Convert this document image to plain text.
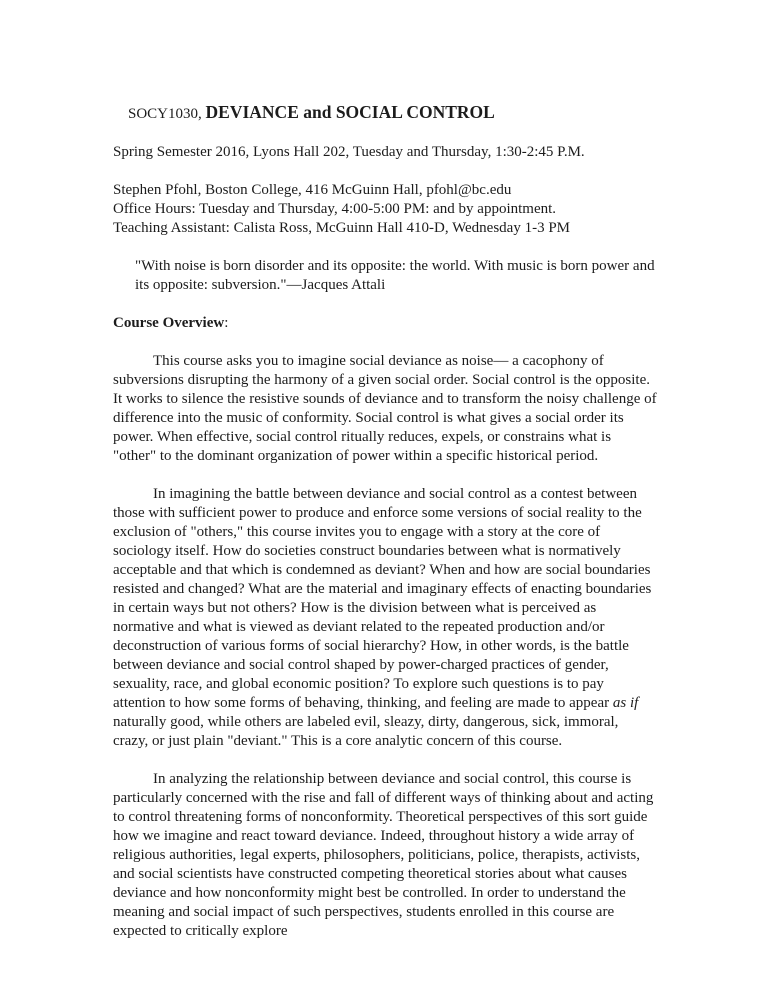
SOCY1030, DEVIANCE and SOCIAL CONTROL

Spring Semester 2016, Lyons Hall 202, Tuesday and Thursday, 1:30-2:45 P.M.
Stephen Pfohl, Boston College, 416 McGuinn Hall, pfohl@bc.edu
Office Hours: Tuesday and Thursday, 4:00-5:00 PM: and by appointment.
Teaching Assistant: Calista Ross, McGuinn Hall 410-D, Wednesday 1-3 PM
"With noise is born disorder and its opposite: the world. With music is born power and its opposite: subversion."—Jacques Attali
Course Overview:
This course asks you to imagine social deviance as noise— a cacophony of subversions disrupting the harmony of a given social order. Social control is the opposite.  It works to silence the resistive sounds of deviance and to transform the noisy challenge of difference into the music of conformity. Social control is what gives a social order its power. When effective, social control ritually reduces, expels, or constrains what is "other" to the dominant organization of power within a specific historical period.
In imagining the battle between deviance and social control as a contest between those with sufficient power to produce and enforce some versions of social reality to the exclusion of "others," this course invites you to engage with a story at the core of sociology itself. How do societies construct boundaries between what is normatively acceptable and that which is condemned as deviant? When and how are social boundaries resisted and changed? What are the material and imaginary effects of enacting boundaries in certain ways but not others? How is the division between what is perceived as normative and what is viewed as deviant related to the repeated production and/or deconstruction of various forms of social hierarchy? How, in other words, is the battle between deviance and social control shaped by power-charged practices of gender, sexuality, race, and global economic position? To explore such questions is to pay attention to how some forms of behaving, thinking, and feeling are made to appear as if naturally good, while others are labeled evil, sleazy, dirty, dangerous, sick, immoral, crazy, or just plain "deviant." This is a core analytic concern of this course.
In analyzing the relationship between deviance and social control, this course is particularly concerned with the rise and fall of different ways of thinking about and acting to control threatening forms of nonconformity. Theoretical perspectives of this sort guide how we imagine and react toward deviance. Indeed, throughout history a wide array of religious authorities, legal experts, philosophers, politicians, police, therapists, activists, and social scientists have constructed competing theoretical stories about what causes deviance and how nonconformity might best be controlled. In order to understand the meaning and social impact of such perspectives, students enrolled in this course are expected to critically explore
